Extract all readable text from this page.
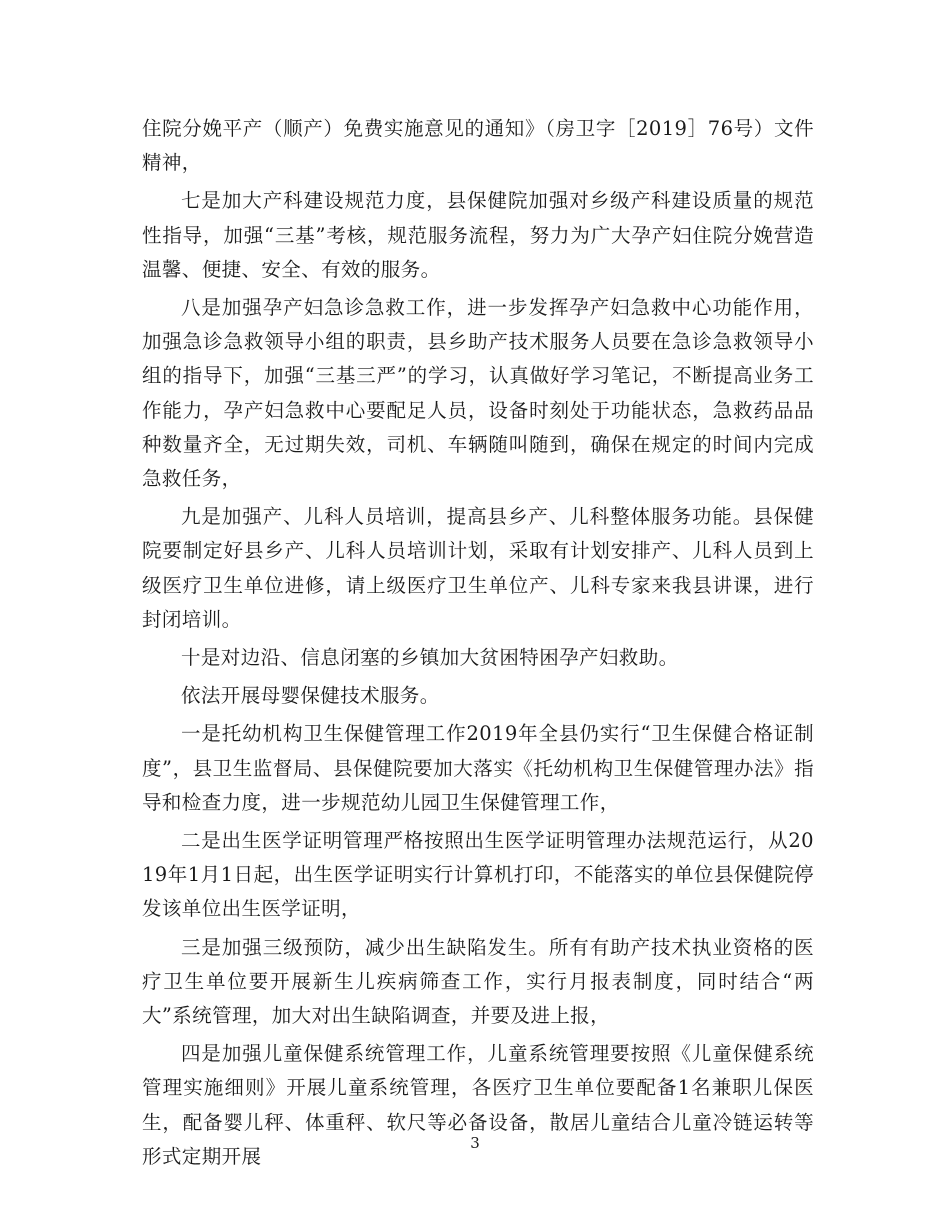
住院分娩平产（顺产）免费实施意见的通知》（房卫字［2019］76号）文件精神，

七是加大产科建设规范力度，县保健院加强对乡级产科建设质量的规范性指导，加强“三基”考核，规范服务流程，努力为广大孕产妇住院分娩营造温馨、便捷、安全、有效的服务。

八是加强孕产妇急诊急救工作，进一步发挥孕产妇急救中心功能作用，加强急诊急救领导小组的职责，县乡助产技术服务人员要在急诊急救领导小组的指导下，加强“三基三严”的学习，认真做好学习笔记，不断提高业务工作能力，孕产妇急救中心要配足人员，设备时刻处于功能状态，急救药品品种数量齐全，无过期失效，司机、车辆随叫随到，确保在规定的时间内完成急救任务，

九是加强产、儿科人员培训，提高县乡产、儿科整体服务功能。县保健院要制定好县乡产、儿科人员培训计划，采取有计划安排产、儿科人员到上级医疗卫生单位进修，请上级医疗卫生单位产、儿科专家来我县讲课，进行封闭培训。

十是对边沿、信息闭塞的乡镇加大贫困特困孕产妇救助。

依法开展母婴保健技术服务。

一是托幼机构卫生保健管理工作2019年全县仍实行“卫生保健合格证制度”，县卫生监督局、县保健院要加大落实《托幼机构卫生保健管理办法》指导和检查力度，进一步规范幼儿园卫生保健管理工作，

二是出生医学证明管理严格按照出生医学证明管理办法规范运行，从2019年1月1日起，出生医学证明实行计算机打印，不能落实的单位县保健院停发该单位出生医学证明，

三是加强三级预防，减少出生缺陷发生。所有有助产技术执业资格的医疗卫生单位要开展新生儿疾病筛查工作，实行月报表制度，同时结合“两大”系统管理，加大对出生缺陷调查，并要及进上报，

四是加强儿童保健系统管理工作，儿童系统管理要按照《儿童保健系统管理实施细则》开展儿童系统管理，各医疗卫生单位要配备1名兼职儿保医生，配备婴儿秤、体重秤、软尺等必备设备，散居儿童结合儿童冷链运转等形式定期开展

3
